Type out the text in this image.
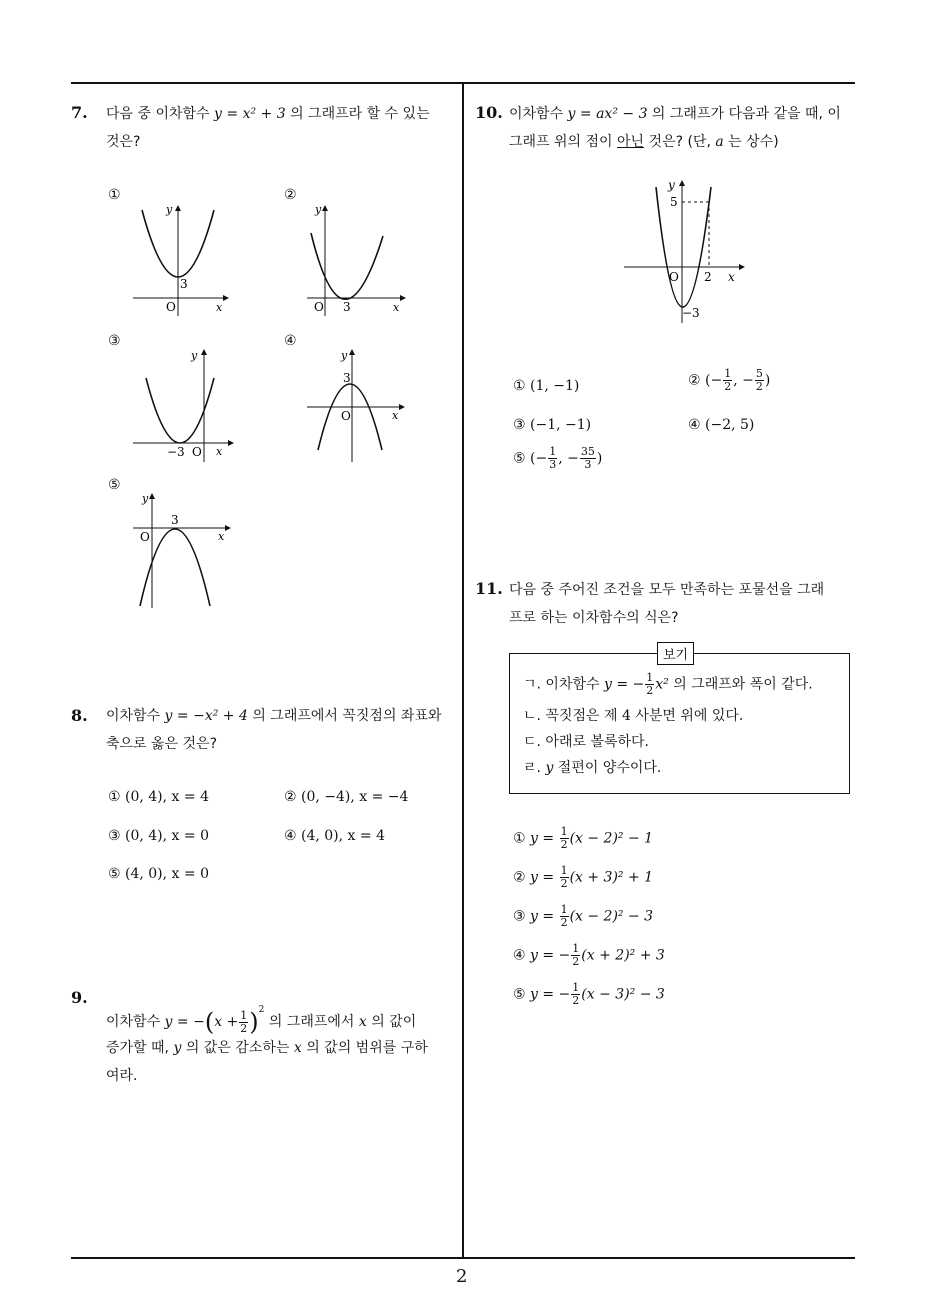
2
7. 다음 중 이차함수 y = x² + 3 의 그래프라 할 수 있는
것은?
①	②
③	④
⑤
y
x
O
3
y
x
O 3
y
x
O
−3
y
x
O
3
y
x
O
3
8. 이차함수 y = −x² + 4 의 그래프에서 꼭짓점의 좌표와
축으로 옳은 것은?
① (0, 4), x = 4	② (0, −4), x = −4
③ (0, 4), x = 0	④ (4, 0), x = 4
⑤ (4, 0), x = 0
9.
이차함수 $y = -(x + \frac{1}{2} )^2$ 의 그래프에서 x 의 값이
증가할 때, y 의 값은 감소하는 x 의 값의 범위를 구하
여라.
10. 이차함수 y = ax² − 3 의 그래프가 다음과 같을 때, 이
그래프 위의 점이 아닌 것은? (단, a 는 상수)
y
x
O
5
2
−3
① (1, −1)	② (− $\frac{1}{2}$ , − $\frac{5}{2}$ )
③ (−1, −1)	④ (−2, 5)
⑤ (− $\frac{1}{3}$ , − $\frac{35}{3}$ )
11. 다음 중 주어진 조건을 모두 만족하는 포물선을 그래
프로 하는 이차함수의 식은?
보기
ㄱ. 이차함수 y = − $\frac{1}{2} x^2$ 의 그래프와 폭이 같다.
ㄴ. 꼭짓점은 제 4 사분면 위에 있다.
ㄷ. 아래로 볼록하다.
ㄹ. y 절편이 양수이다.
① $y = \frac{1}{2} (x - 2)^2 - 1$
② $y = \frac{1}{2} (x + 3)^2 + 1$
③ $y = \frac{1}{2} (x - 2)^2 - 3$
④ y = − $\frac{1}{2} (x + 2)^2 + 3$
⑤ y = − $\frac{1}{2} (x - 3)^2 - 3$
